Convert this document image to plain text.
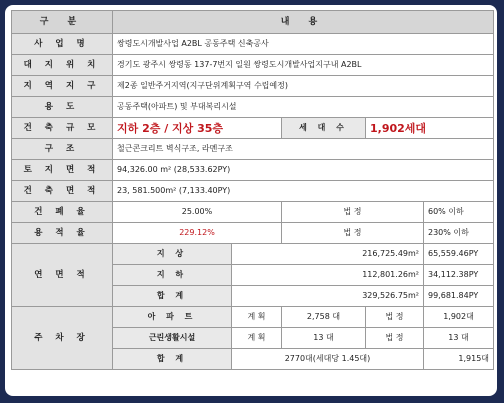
구 분	내 용				
사 업 명	쌍령도시개발사업 A2BL 공동주택 신축공사				
대 지 위 치	경기도 광주시 쌍령동 137-7번지 일원 쌍령도시개발사업지구내 A2BL				
지 역 지 구	제2종 일반주거지역(지구단위계획구역 수립예정)				
용 도	공동주택(아파트) 및 부대복리시설				
건 축 규 모	지하 2층 / 지상 35층		세 대 수	1,902세대	
구 조	철근콘크리트 벽식구조, 라멘구조				
토 지 면 적	94,326.00 m² (28,533.62PY)				
건 축 면 적	23, 581.500m² (7,133.40PY)				
건 폐 율	25.00%		법 정		60% 이하
용 적 율	229.12%		법 정		230% 이하
연 면 적	지 상	216,725.49m²			65,559.46PY
	지 하	112,801.26m²			34,112.38PY
	합 계	329,526.75m²			99,681.84PY
주 차 장	아 파 트	계 획	2,758 대	법 정	1,902대
	근린생활시설	계 획	13 대	법 정	13 대
	합 계	2770대(세대당 1.45대)			1,915대
